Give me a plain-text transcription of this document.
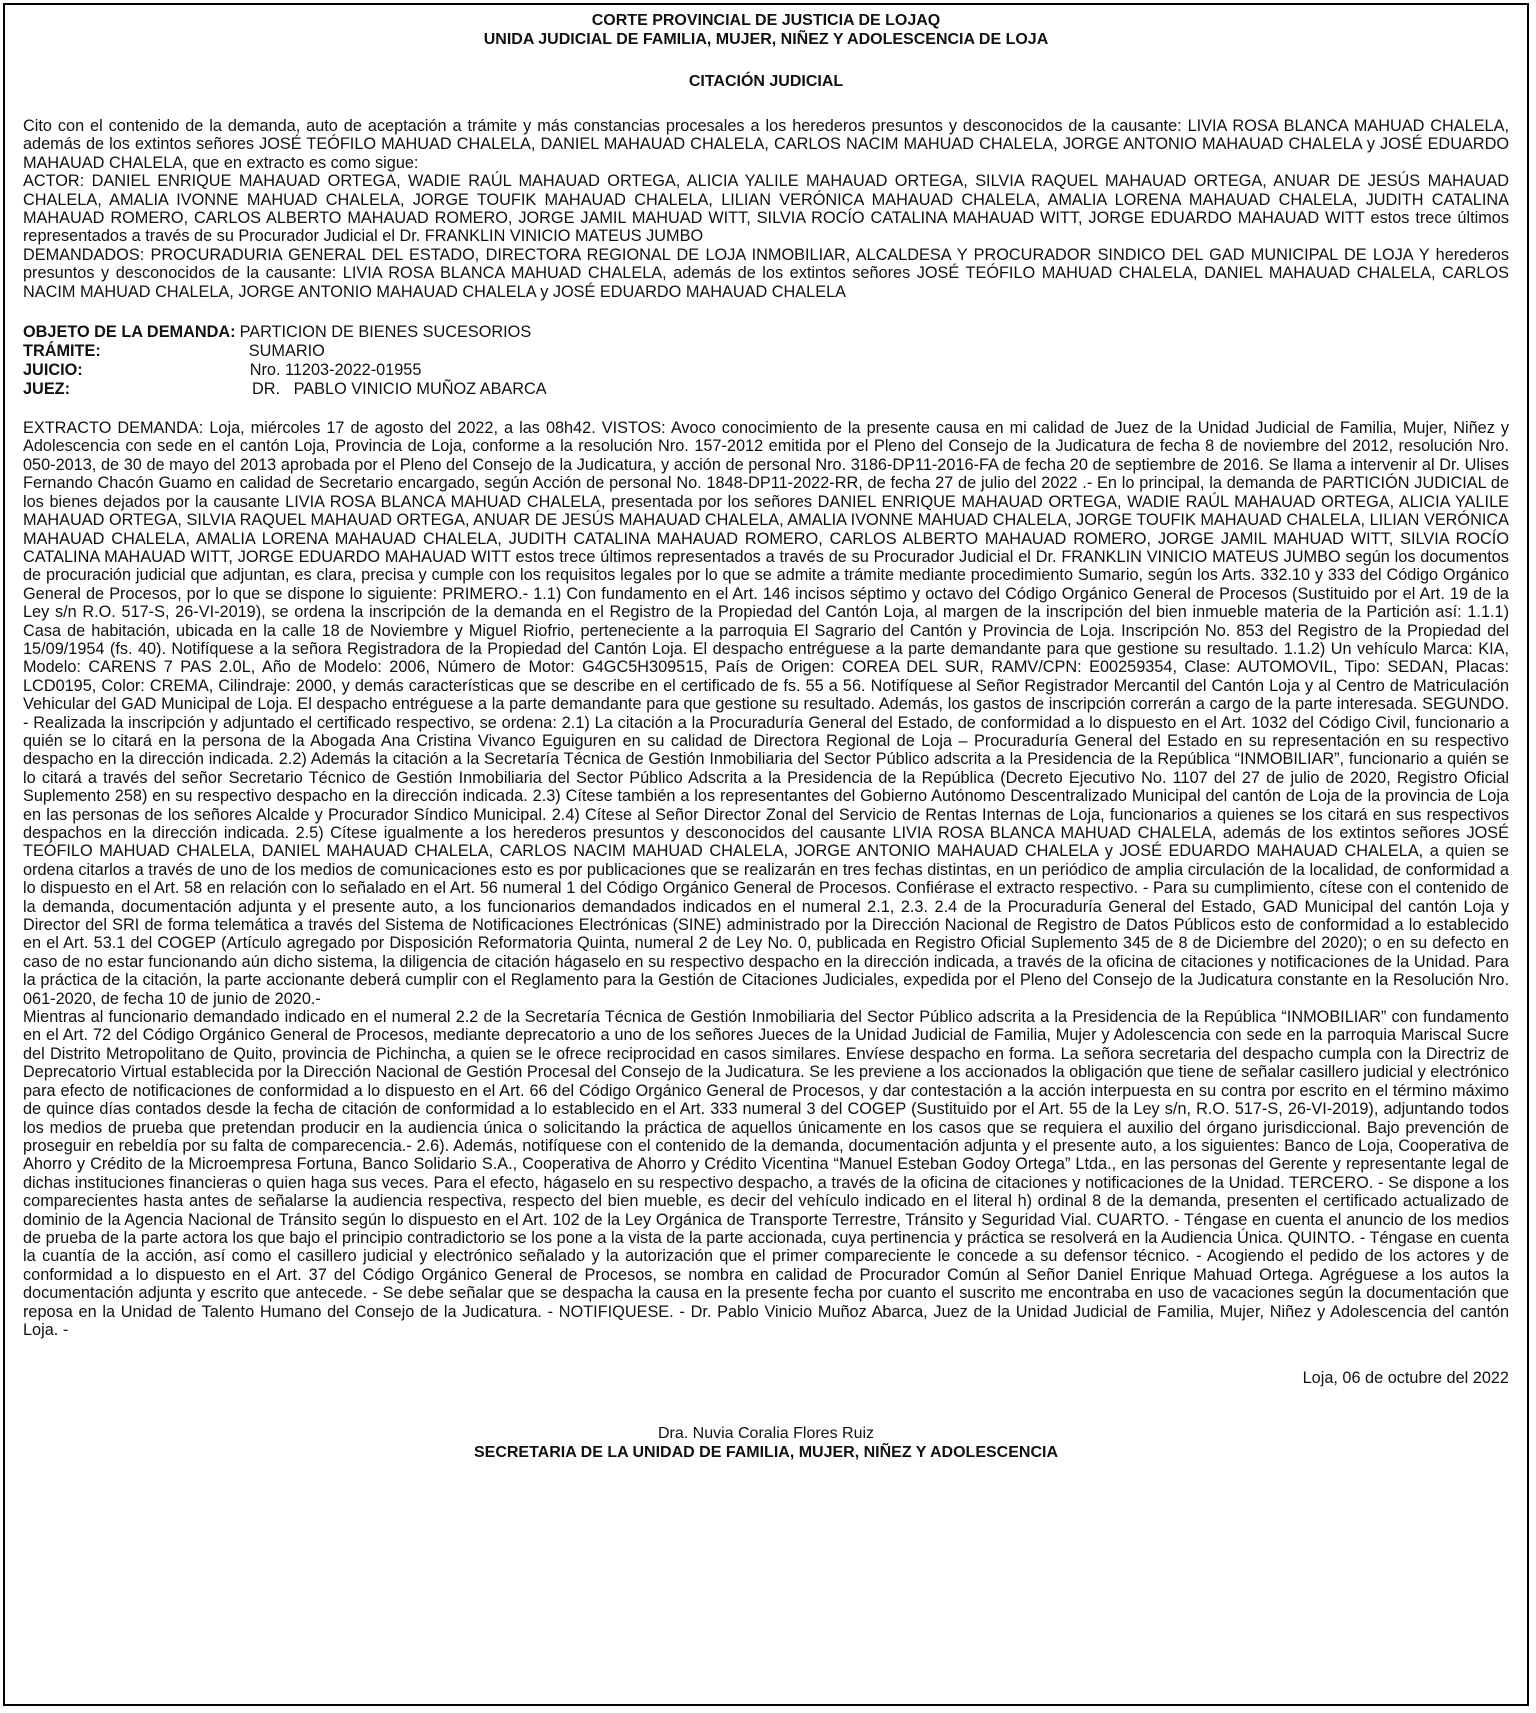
CORTE PROVINCIAL DE JUSTICIA DE LOJAQ
UNIDA JUDICIAL DE FAMILIA, MUJER, NIÑEZ Y ADOLESCENCIA DE LOJA
CITACIÓN JUDICIAL

Cito con el contenido de la demanda, auto de aceptación a trámite y más constancias procesales a los herederos presuntos y desconocidos de la causante: LIVIA ROSA BLANCA MAHUAD CHALELA, además de los extintos señores JOSÉ TEÓFILO MAHUAD CHALELA, DANIEL MAHAUAD CHALELA, CARLOS NACIM MAHUAD CHALELA, JORGE ANTONIO MAHAUAD CHALELA y JOSÉ EDUARDO MAHAUAD CHALELA, que en extracto es como sigue:

ACTOR: DANIEL ENRIQUE MAHAUAD ORTEGA, WADIE RAÚL MAHAUAD ORTEGA, ALICIA YALILE MAHAUAD ORTEGA, SILVIA RAQUEL MAHAUAD ORTEGA, ANUAR DE JESÚS MAHAUAD CHALELA, AMALIA IVONNE MAHUAD CHALELA, JORGE TOUFIK MAHAUAD CHALELA, LILIAN VERÓNICA MAHAUAD CHALELA, AMALIA LORENA MAHAUAD CHALELA, JUDITH CATALINA MAHAUAD ROMERO, CARLOS ALBERTO MAHAUAD ROMERO, JORGE JAMIL MAHUAD WITT, SILVIA ROCÍO CATALINA MAHAUAD WITT, JORGE EDUARDO MAHAUAD WITT estos trece últimos representados a través de su Procurador Judicial el Dr. FRANKLIN VINICIO MATEUS JUMBO

DEMANDADOS: PROCURADURIA GENERAL DEL ESTADO, DIRECTORA REGIONAL DE LOJA INMOBILIAR, ALCALDESA Y PROCURADOR SINDICO DEL GAD MUNICIPAL DE LOJA Y herederos presuntos y desconocidos de la causante: LIVIA ROSA BLANCA MAHUAD CHALELA, además de los extintos señores JOSÉ TEÓFILO MAHUAD CHALELA, DANIEL MAHAUAD CHALELA, CARLOS NACIM MAHUAD CHALELA, JORGE ANTONIO MAHAUAD CHALELA y JOSÉ EDUARDO MAHAUAD CHALELA

OBJETO DE LA DEMANDA: PARTICION DE BIENES SUCESORIOS
TRÁMITE:	SUMARIO
JUICIO:	Nro. 11203-2022-01955
JUEZ:	DR.   PABLO VINICIO MUÑOZ ABARCA

EXTRACTO DEMANDA: Loja, miércoles 17 de agosto del 2022, a las 08h42. VISTOS: Avoco conocimiento de la presente causa en mi calidad de Juez de la Unidad Judicial de Familia, Mujer, Niñez y Adolescencia con sede en el cantón Loja, Provincia de Loja, conforme a la resolución Nro. 157-2012 emitida por el Pleno del Consejo de la Judicatura de fecha 8 de noviembre del 2012, resolución Nro. 050-2013, de 30 de mayo del 2013 aprobada por el Pleno del Consejo de la Judicatura, y acción de personal Nro. 3186-DP11-2016-FA de fecha 20 de septiembre de 2016. Se llama a intervenir al Dr. Ulises Fernando Chacón Guamo en calidad de Secretario encargado, según Acción de personal No. 1848-DP11-2022-RR, de fecha 27 de julio del 2022 .- En lo principal, la demanda de PARTICIÓN JUDICIAL de los bienes dejados por la causante LIVIA ROSA BLANCA MAHUAD CHALELA, presentada por los señores DANIEL ENRIQUE MAHAUAD ORTEGA, WADIE RAÚL MAHAUAD ORTEGA, ALICIA YALILE MAHAUAD ORTEGA, SILVIA RAQUEL MAHAUAD ORTEGA, ANUAR DE JESÚS MAHAUAD CHALELA, AMALIA IVONNE MAHUAD CHALELA, JORGE TOUFIK MAHAUAD CHALELA, LILIAN VERÓNICA MAHAUAD CHALELA, AMALIA LORENA MAHAUAD CHALELA, JUDITH CATALINA MAHAUAD ROMERO, CARLOS ALBERTO MAHAUAD ROMERO, JORGE JAMIL MAHUAD WITT, SILVIA ROCÍO CATALINA MAHAUAD WITT, JORGE EDUARDO MAHAUAD WITT estos trece últimos representados a través de su Procurador Judicial el Dr. FRANKLIN VINICIO MATEUS JUMBO según los documentos de procuración judicial que adjuntan, es clara, precisa y cumple con los requisitos legales por lo que se admite a trámite mediante procedimiento Sumario, según los Arts. 332.10 y 333 del Código Orgánico General de Procesos, por lo que se dispone lo siguiente: PRIMERO.- 1.1) Con fundamento en el Art. 146 incisos séptimo y octavo del Código Orgánico General de Procesos (Sustituido por el Art. 19 de la Ley s/n R.O. 517-S, 26-VI-2019), se ordena la inscripción de la demanda en el Registro de la Propiedad del Cantón Loja, al margen de la inscripción del bien inmueble materia de la Partición así: 1.1.1) Casa de habitación, ubicada en la calle 18 de Noviembre y Miguel Riofrio, perteneciente a la parroquia El Sagrario del Cantón y Provincia de Loja. Inscripción No. 853 del Registro de la Propiedad del 15/09/1954 (fs. 40). Notifíquese a la señora Registradora de la Propiedad del Cantón Loja. El despacho entréguese a la parte demandante para que gestione su resultado. 1.1.2) Un vehículo Marca: KIA, Modelo: CARENS 7 PAS 2.0L, Año de Modelo: 2006, Número de Motor: G4GC5H309515, País de Origen: COREA DEL SUR, RAMV/CPN: E00259354, Clase: AUTOMOVIL, Tipo: SEDAN, Placas: LCD0195, Color: CREMA, Cilindraje: 2000, y demás características que se describe en el certificado de fs. 55 a 56. Notifíquese al Señor Registrador Mercantil del Cantón Loja y al Centro de Matriculación Vehicular del GAD Municipal de Loja. El despacho entréguese a la parte demandante para que gestione su resultado. Además, los gastos de inscripción correrán a cargo de la parte interesada. SEGUNDO. - Realizada la inscripción y adjuntado el certificado respectivo, se ordena: 2.1) La citación a la Procuraduría General del Estado, de conformidad a lo dispuesto en el Art. 1032 del Código Civil, funcionario a quién se lo citará en la persona de la Abogada Ana Cristina Vivanco Eguiguren en su calidad de Directora Regional de Loja – Procuraduría General del Estado en su representación en su respectivo despacho en la dirección indicada. 2.2) Además la citación a la Secretaría Técnica de Gestión Inmobiliaria del Sector Público adscrita a la Presidencia de la República “INMOBILIAR”, funcionario a quién se lo citará a través del señor Secretario Técnico de Gestión Inmobiliaria del Sector Público Adscrita a la Presidencia de la República (Decreto Ejecutivo No. 1107 del 27 de julio de 2020, Registro Oficial Suplemento 258) en su respectivo despacho en la dirección indicada. 2.3) Cítese también a los representantes del Gobierno Autónomo Descentralizado Municipal del cantón de Loja de la provincia de Loja en las personas de los señores Alcalde y Procurador Síndico Municipal. 2.4) Cítese al Señor Director Zonal del Servicio de Rentas Internas de Loja, funcionarios a quienes se los citará en sus respectivos despachos en la dirección indicada. 2.5) Cítese igualmente a los herederos presuntos y desconocidos del causante LIVIA ROSA BLANCA MAHUAD CHALELA, además de los extintos señores JOSÉ TEÓFILO MAHUAD CHALELA, DANIEL MAHAUAD CHALELA, CARLOS NACIM MAHUAD CHALELA, JORGE ANTONIO MAHAUAD CHALELA y JOSÉ EDUARDO MAHAUAD CHALELA, a quien se ordena citarlos a través de uno de los medios de comunicaciones esto es por publicaciones que se realizarán en tres fechas distintas, en un periódico de amplia circulación de la localidad, de conformidad a lo dispuesto en el Art. 58 en relación con lo señalado en el Art. 56 numeral 1 del Código Orgánico General de Procesos. Confiérase el extracto respectivo. - Para su cumplimiento, cítese con el contenido de la demanda, documentación adjunta y el presente auto, a los funcionarios demandados indicados en el numeral 2.1, 2.3. 2.4 de la Procuraduría General del Estado, GAD Municipal del cantón Loja y Director del SRI de forma telemática a través del Sistema de Notificaciones Electrónicas (SINE) administrado por la Dirección Nacional de Registro de Datos Públicos esto de conformidad a lo establecido en el Art. 53.1 del COGEP (Artículo agregado por Disposición Reformatoria Quinta, numeral 2 de Ley No. 0, publicada en Registro Oficial Suplemento 345 de 8 de Diciembre del 2020); o en su defecto en caso de no estar funcionando aún dicho sistema, la diligencia de citación hágaselo en su respectivo despacho en la dirección indicada, a través de la oficina de citaciones y notificaciones de la Unidad. Para la práctica de la citación, la parte accionante deberá cumplir con el Reglamento para la Gestión de Citaciones Judiciales, expedida por el Pleno del Consejo de la Judicatura constante en la Resolución Nro. 061-2020, de fecha 10 de junio de 2020.-

Mientras al funcionario demandado indicado en el numeral 2.2 de la Secretaría Técnica de Gestión Inmobiliaria del Sector Público adscrita a la Presidencia de la República “INMOBILIAR” con fundamento en el Art. 72 del Código Orgánico General de Procesos, mediante deprecatorio a uno de los señores Jueces de la Unidad Judicial de Familia, Mujer y Adolescencia con sede en la parroquia Mariscal Sucre del Distrito Metropolitano de Quito, provincia de Pichincha, a quien se le ofrece reciprocidad en casos similares. Envíese despacho en forma. La señora secretaria del despacho cumpla con la Directriz de Deprecatorio Virtual establecida por la Dirección Nacional de Gestión Procesal del Consejo de la Judicatura. Se les previene a los accionados la obligación que tiene de señalar casillero judicial y electrónico para efecto de notificaciones de conformidad a lo dispuesto en el Art. 66 del Código Orgánico General de Procesos, y dar contestación a la acción interpuesta en su contra por escrito en el término máximo de quince días contados desde la fecha de citación de conformidad a lo establecido en el Art. 333 numeral 3 del COGEP (Sustituido por el Art. 55 de la Ley s/n, R.O. 517-S, 26-VI-2019), adjuntando todos los medios de prueba que pretendan producir en la audiencia única o solicitando la práctica de aquellos únicamente en los casos que se requiera el auxilio del órgano jurisdiccional. Bajo prevención de proseguir en rebeldía por su falta de comparecencia.- 2.6). Además, notifíquese con el contenido de la demanda, documentación adjunta y el presente auto, a los siguientes: Banco de Loja, Cooperativa de Ahorro y Crédito de la Microempresa Fortuna, Banco Solidario S.A., Cooperativa de Ahorro y Crédito Vicentina “Manuel Esteban Godoy Ortega” Ltda., en las personas del Gerente y representante legal de dichas instituciones financieras o quien haga sus veces. Para el efecto, hágaselo en su respectivo despacho, a través de la oficina de citaciones y notificaciones de la Unidad. TERCERO. - Se dispone a los comparecientes hasta antes de señalarse la audiencia respectiva, respecto del bien mueble, es decir del vehículo indicado en el literal h) ordinal 8 de la demanda, presenten el certificado actualizado de dominio de la Agencia Nacional de Tránsito según lo dispuesto en el Art. 102 de la Ley Orgánica de Transporte Terrestre, Tránsito y Seguridad Vial. CUARTO. - Téngase en cuenta el anuncio de los medios de prueba de la parte actora los que bajo el principio contradictorio se los pone a la vista de la parte accionada, cuya pertinencia y práctica se resolverá en la Audiencia Única. QUINTO. - Téngase en cuenta la cuantía de la acción, así como el casillero judicial y electrónico señalado y la autorización que el primer compareciente le concede a su defensor técnico. - Acogiendo el pedido de los actores y de conformidad a lo dispuesto en el Art. 37 del Código Orgánico General de Procesos, se nombra en calidad de Procurador Común al Señor Daniel Enrique Mahuad Ortega. Agréguese a los autos la documentación adjunta y escrito que antecede. - Se debe señalar que se despacha la causa en la presente fecha por cuanto el suscrito me encontraba en uso de vacaciones según la documentación que reposa en la Unidad de Talento Humano del Consejo de la Judicatura. - NOTIFIQUESE. - Dr. Pablo Vinicio Muñoz Abarca, Juez de la Unidad Judicial de Familia, Mujer, Niñez y Adolescencia del cantón Loja. -

Loja, 06 de octubre del 2022
Dra. Nuvia Coralia Flores Ruiz
SECRETARIA DE LA UNIDAD DE FAMILIA, MUJER, NIÑEZ Y ADOLESCENCIA
